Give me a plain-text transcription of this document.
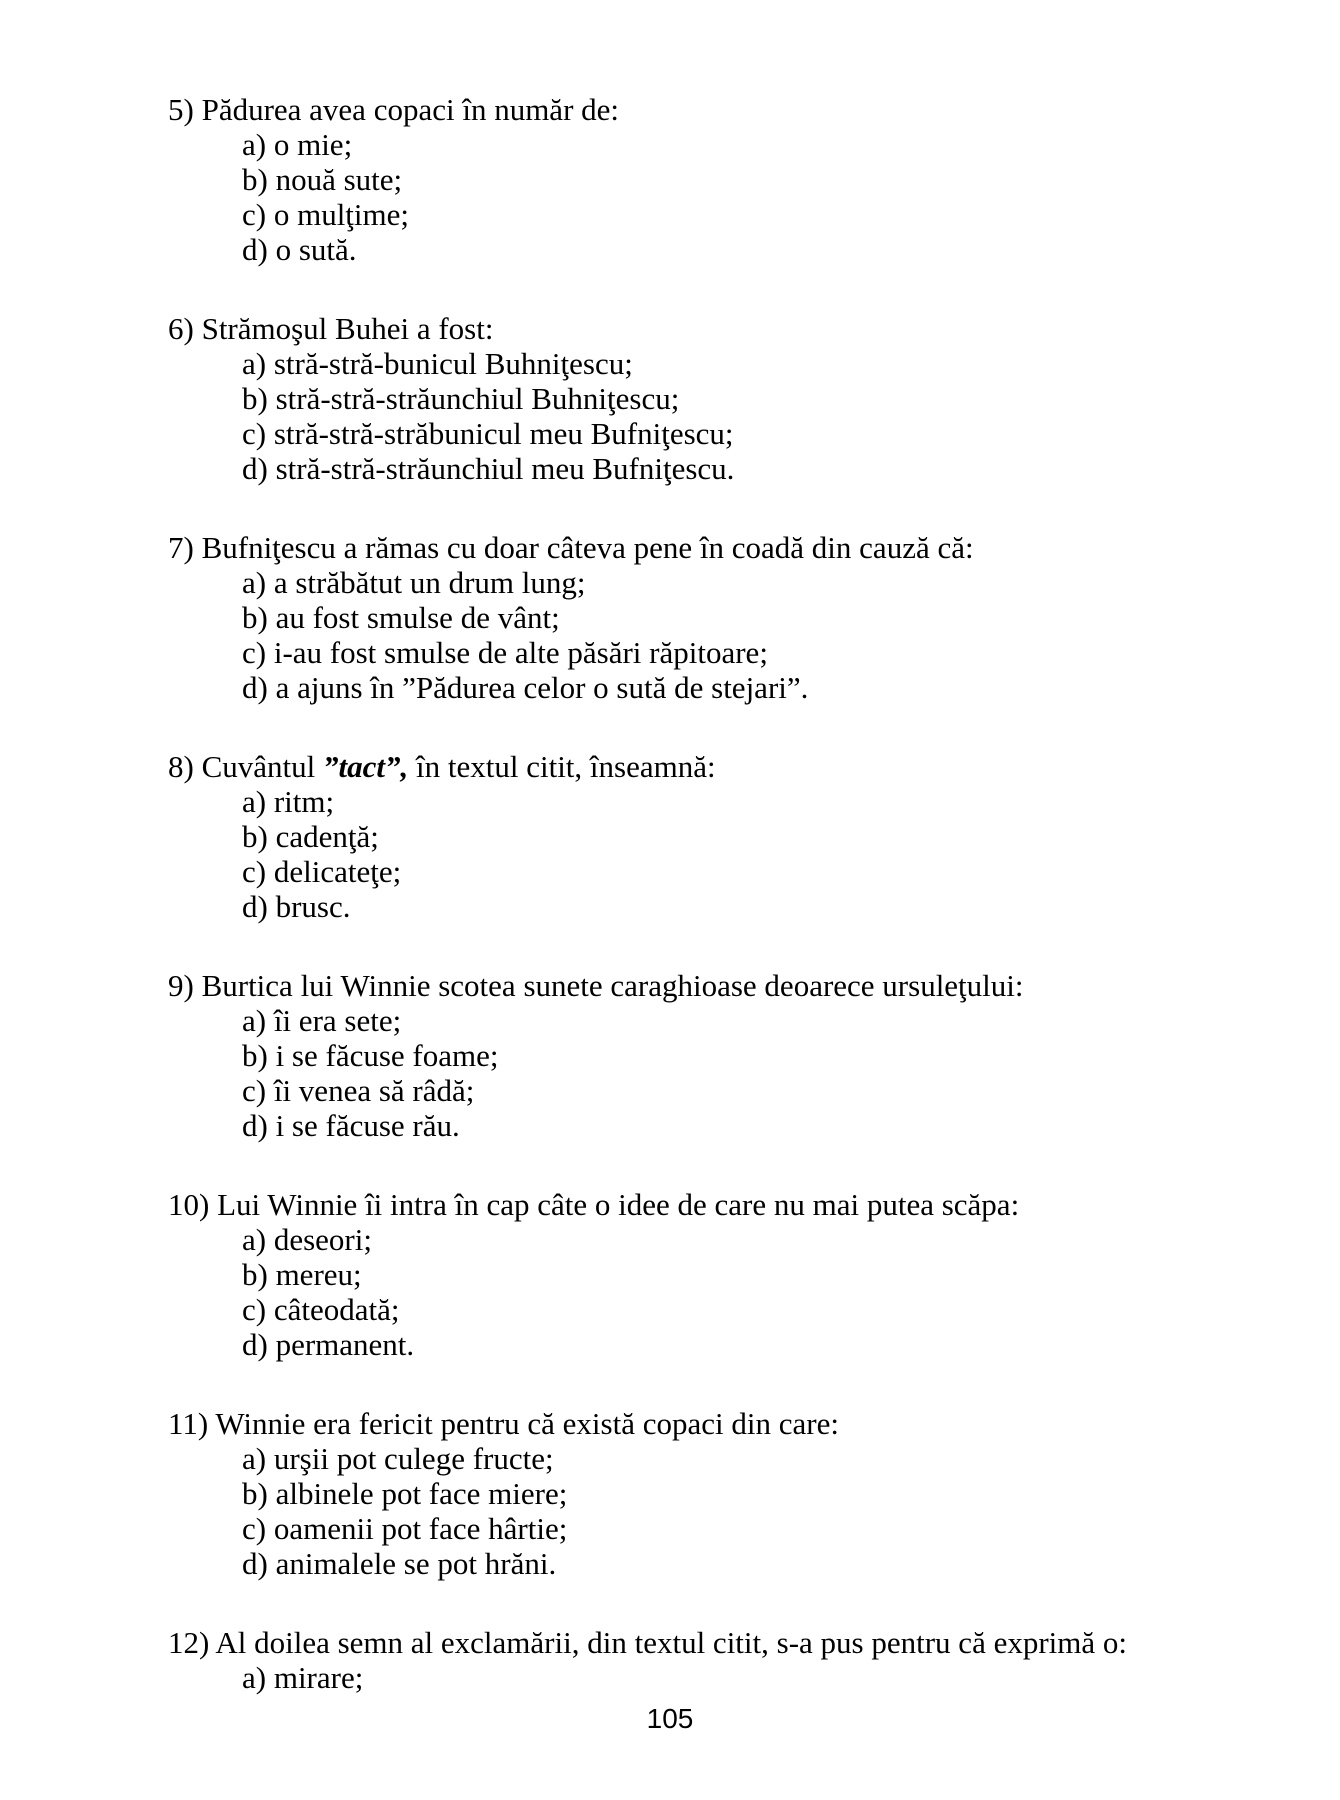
5) Pădurea avea copaci în număr de:

a) o mie;

b) nouă sute;

c) o mulţime;

d) o sută.

6) Strămoşul Buhei a fost:

a) stră-stră-bunicul Buhniţescu;

b) stră-stră-străunchiul Buhniţescu;

c) stră-stră-străbunicul meu Bufniţescu;

d) stră-stră-străunchiul meu Bufniţescu.

7) Bufniţescu a rămas cu doar câteva pene în coadă din cauză că:

a) a străbătut un drum lung;

b) au fost smulse de vânt;

c) i-au fost smulse de alte păsări răpitoare;

d) a ajuns în ”Pădurea celor o sută de stejari”.

8) Cuvântul ”tact”, în textul citit, înseamnă:

a) ritm;

b) cadenţă;

c) delicateţe;

d) brusc.

9) Burtica lui Winnie scotea sunete caraghioase deoarece ursuleţului:

a) îi era sete;

b) i se făcuse foame;

c) îi venea să râdă;

d) i se făcuse rău.

10) Lui Winnie îi intra în cap câte o idee de care nu mai putea scăpa:

a) deseori;

b) mereu;

c) câteodată;

d) permanent.

11) Winnie era fericit pentru că există copaci din care:

a) urşii pot culege fructe;

b) albinele pot face miere;

c) oamenii pot face hârtie;

d) animalele se pot hrăni.

12) Al doilea semn al exclamării, din textul citit, s-a pus pentru că exprimă o:

a) mirare;

105
